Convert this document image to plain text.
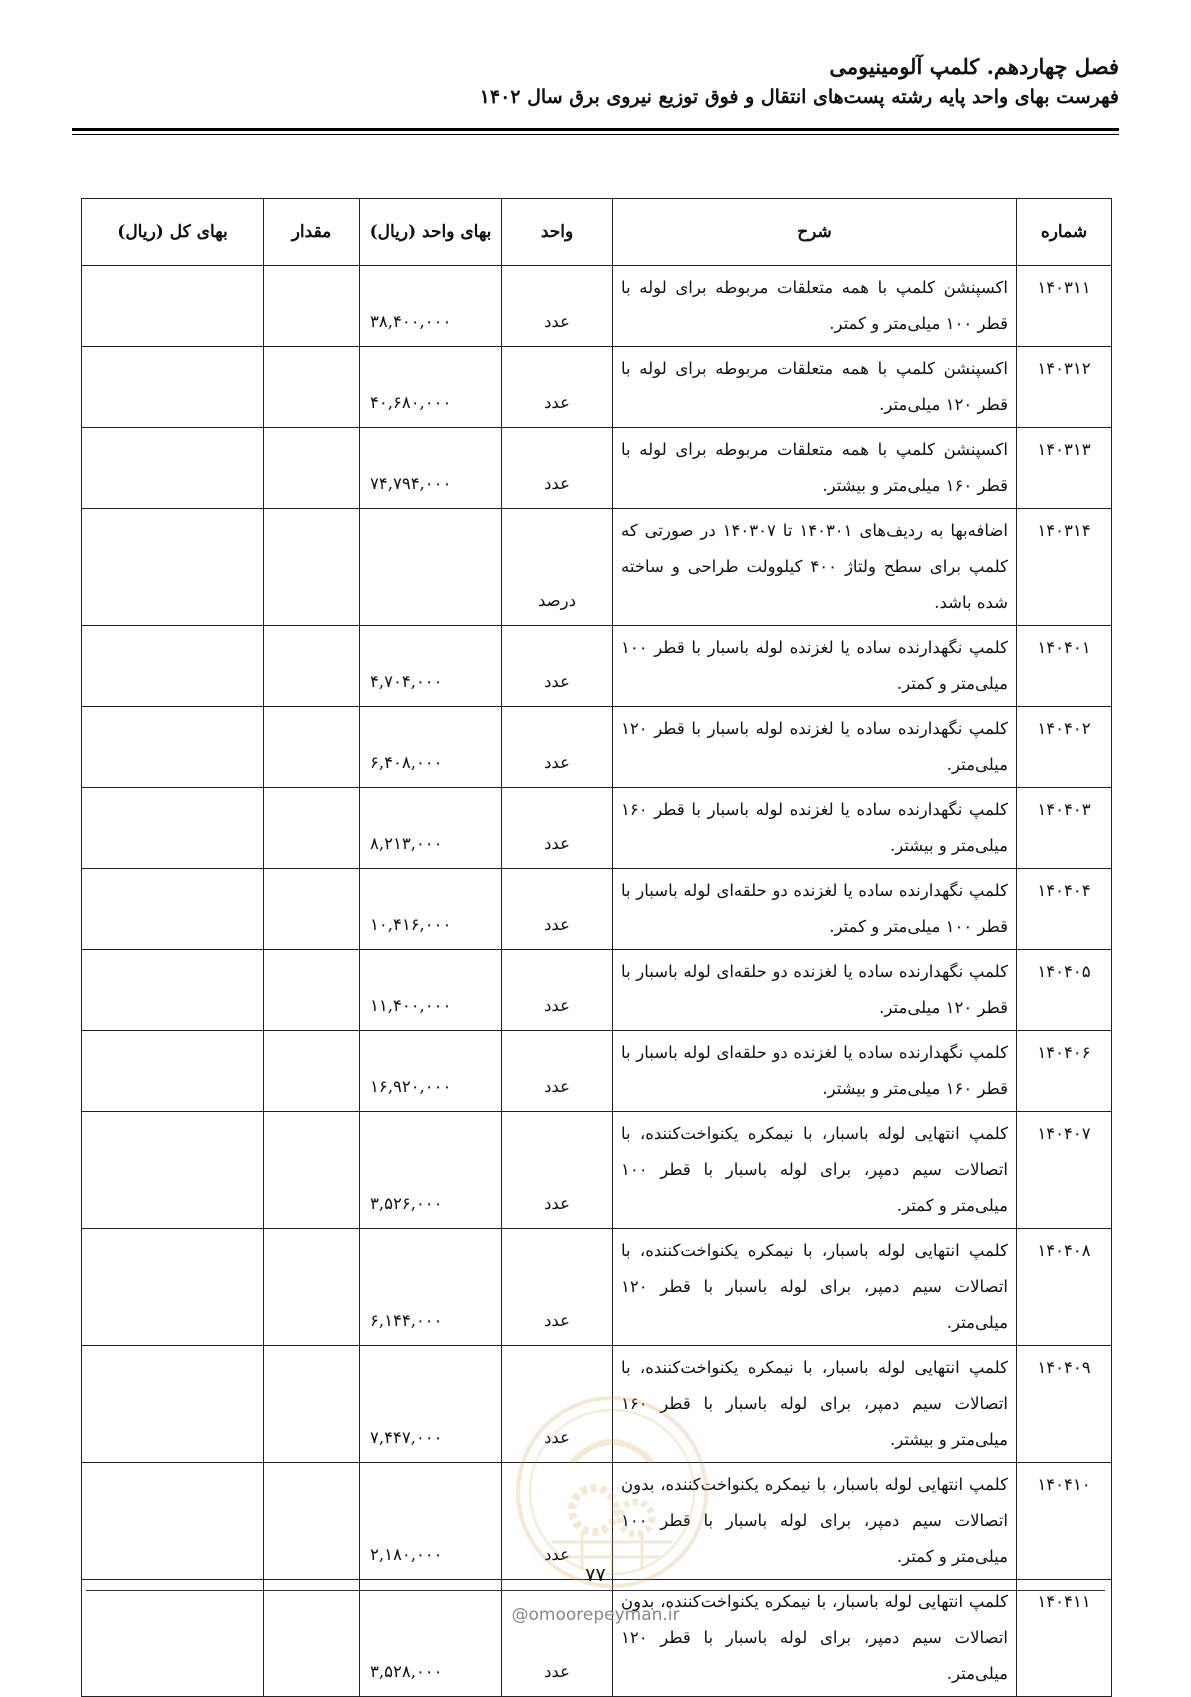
فصل چهاردهم. کلمپ آلومینیومی
فهرست بهای واحد پایه رشته پست‌های انتقال و فوق توزیع نیروی برق سال ۱۴۰۲
شماره	شرح	واحد	بهای واحد (ریال)	مقدار	بهای کل (ریال)
۱۴۰۳۱۱	اکسپنشن کلمپ با همه متعلقات مربوطه برای لوله با قطر ۱۰۰ میلی‌متر و کمتر.	عدد	۳۸,۴۰۰,۰۰۰		
۱۴۰۳۱۲	اکسپنشن کلمپ با همه متعلقات مربوطه برای لوله با قطر ۱۲۰ میلی‌متر.	عدد	۴۰,۶۸۰,۰۰۰		
۱۴۰۳۱۳	اکسپنشن کلمپ با همه متعلقات مربوطه برای لوله با قطر ۱۶۰ میلی‌متر و بیشتر.	عدد	۷۴,۷۹۴,۰۰۰		
۱۴۰۳۱۴	اضافه‌بها به ردیف‌های ۱۴۰۳۰۱ تا ۱۴۰۳۰۷ در صورتی که کلمپ برای سطح ولتاژ ۴۰۰ کیلوولت طراحی و ساخته شده باشد.	درصد			
۱۴۰۴۰۱	کلمپ نگهدارنده ساده یا لغزنده لوله باسبار با قطر ۱۰۰ میلی‌متر و کمتر.	عدد	۴,۷۰۴,۰۰۰		
۱۴۰۴۰۲	کلمپ نگهدارنده ساده یا لغزنده لوله باسبار با قطر ۱۲۰ میلی‌متر.	عدد	۶,۴۰۸,۰۰۰		
۱۴۰۴۰۳	کلمپ نگهدارنده ساده یا لغزنده لوله باسبار با قطر ۱۶۰ میلی‌متر و بیشتر.	عدد	۸,۲۱۳,۰۰۰		
۱۴۰۴۰۴	کلمپ نگهدارنده ساده یا لغزنده دو حلقه‌ای لوله باسبار با قطر ۱۰۰ میلی‌متر و کمتر.	عدد	۱۰,۴۱۶,۰۰۰		
۱۴۰۴۰۵	کلمپ نگهدارنده ساده یا لغزنده دو حلقه‌ای لوله باسبار با قطر ۱۲۰ میلی‌متر.	عدد	۱۱,۴۰۰,۰۰۰		
۱۴۰۴۰۶	کلمپ نگهدارنده ساده یا لغزنده دو حلقه‌ای لوله باسبار با قطر ۱۶۰ میلی‌متر و بیشتر.	عدد	۱۶,۹۲۰,۰۰۰		
۱۴۰۴۰۷	کلمپ انتهایی لوله باسبار، با نیمکره یکنواخت‌کننده، با اتصالات سیم دمپر، برای لوله باسبار با قطر ۱۰۰ میلی‌متر و کمتر.	عدد	۳,۵۲۶,۰۰۰		
۱۴۰۴۰۸	کلمپ انتهایی لوله باسبار، با نیمکره یکنواخت‌کننده، با اتصالات سیم دمپر، برای لوله باسبار با قطر ۱۲۰ میلی‌متر.	عدد	۶,۱۴۴,۰۰۰		
۱۴۰۴۰۹	کلمپ انتهایی لوله باسبار، با نیمکره یکنواخت‌کننده، با اتصالات سیم دمپر، برای لوله باسبار با قطر ۱۶۰ میلی‌متر و بیشتر.	عدد	۷,۴۴۷,۰۰۰		
۱۴۰۴۱۰	کلمپ انتهایی لوله باسبار، با نیمکره یکنواخت‌کننده، بدون اتصالات سیم دمپر، برای لوله باسبار با قطر ۱۰۰ میلی‌متر و کمتر.	عدد	۲,۱۸۰,۰۰۰		
۱۴۰۴۱۱	کلمپ انتهایی لوله باسبار، با نیمکره یکنواخت‌کننده، بدون اتصالات سیم دمپر، برای لوله باسبار با قطر ۱۲۰ میلی‌متر.	عدد	۳,۵۲۸,۰۰۰		
۷۷
@omoorepeyman.ir
